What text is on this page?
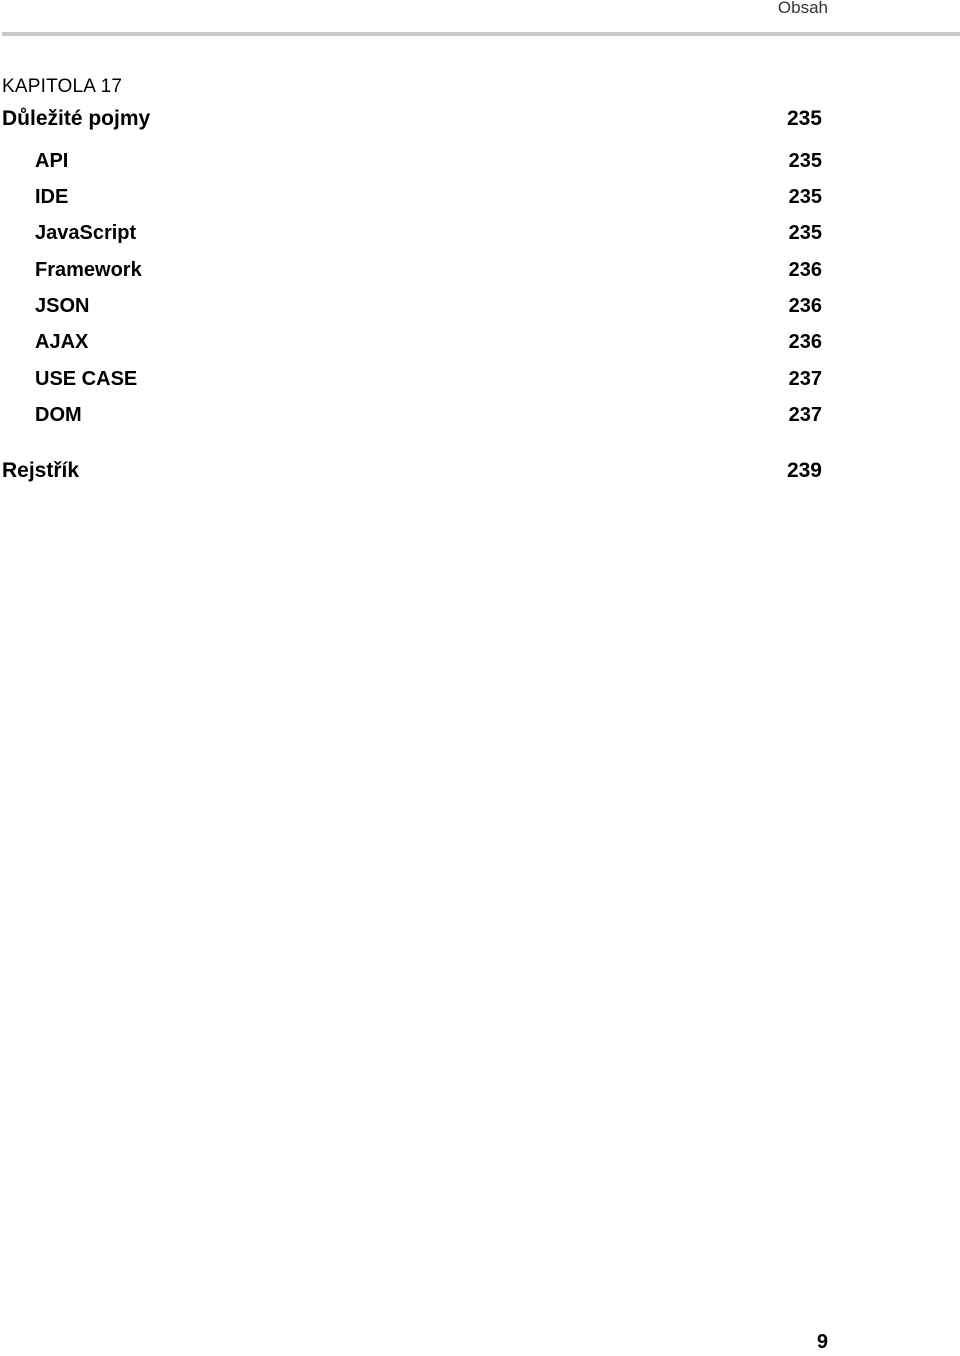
Obsah
KAPITOLA 17
Důležité pojmy	235
API	235
IDE	235
JavaScript	235
Framework	236
JSON	236
AJAX	236
USE CASE	237
DOM	237
Rejstřík	239
9
